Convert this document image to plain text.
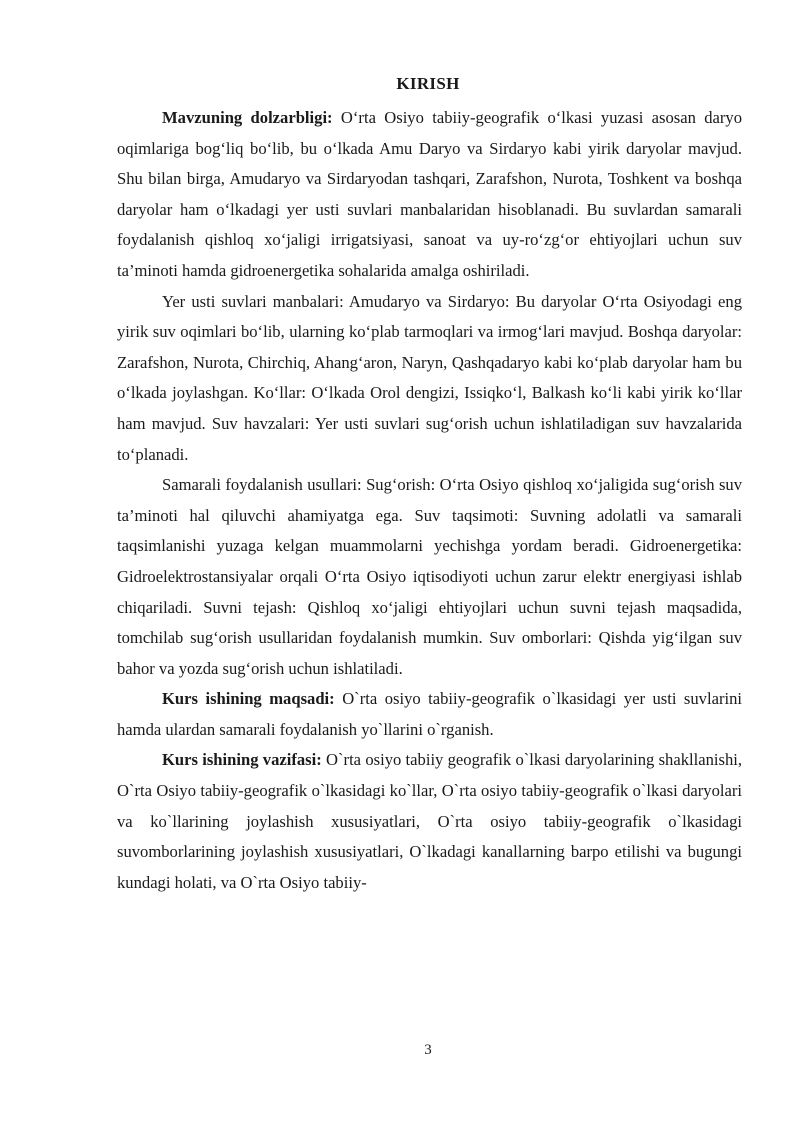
KIRISH

Mavzuning dolzarbligi: O‘rta Osiyo tabiiy-geografik o‘lkasi yuzasi asosan daryo oqimlariga bog‘liq bo‘lib, bu o‘lkada Amu Daryo va Sirdaryo kabi yirik daryolar mavjud. Shu bilan birga, Amudaryo va Sirdaryodan tashqari, Zarafshon, Nurota, Toshkent va boshqa daryolar ham o‘lkadagi yer usti suvlari manbalaridan hisoblanadi. Bu suvlardan samarali foydalanish qishloq xo‘jaligi irrigatsiyasi, sanoat va uy-ro‘zg‘or ehtiyojlari uchun suv ta’minoti hamda gidroenergetika sohalarida amalga oshiriladi.

Yer usti suvlari manbalari: Amudaryo va Sirdaryo: Bu daryolar O‘rta Osiyodagi eng yirik suv oqimlari bo‘lib, ularning ko‘plab tarmoqlari va irmog‘lari mavjud. Boshqa daryolar: Zarafshon, Nurota, Chirchiq, Ahang‘aron, Naryn, Qashqadaryo kabi ko‘plab daryolar ham bu o‘lkada joylashgan. Ko‘llar: O‘lkada Orol dengizi, Issiqko‘l, Balkash ko‘li kabi yirik ko‘llar ham mavjud. Suv havzalari: Yer usti suvlari sug‘orish uchun ishlatiladigan suv havzalarida to‘planadi.

Samarali foydalanish usullari: Sug‘orish: O‘rta Osiyo qishloq xo‘jaligida sug‘orish suv ta’minoti hal qiluvchi ahamiyatga ega. Suv taqsimoti: Suvning adolatli va samarali taqsimlanishi yuzaga kelgan muammolarni yechishga yordam beradi. Gidroenergetika: Gidroelektrostansiyalar orqali O‘rta Osiyo iqtisodiyoti uchun zarur elektr energiyasi ishlab chiqariladi. Suvni tejash: Qishloq xo‘jaligi ehtiyojlari uchun suvni tejash maqsadida, tomchilab sug‘orish usullaridan foydalanish mumkin. Suv omborlari: Qishda yig‘ilgan suv bahor va yozda sug‘orish uchun ishlatiladi.

Kurs ishining maqsadi: O`rta osiyo tabiiy-geografik o`lkasidagi yer usti suvlarini hamda ulardan samarali foydalanish yo`llarini o`rganish.

Kurs ishining vazifasi: O`rta osiyo tabiiy geografik o`lkasi daryolarining shakllanishi, O`rta Osiyo tabiiy-geografik o`lkasidagi ko`llar, O`rta osiyo tabiiy-geografik o`lkasi daryolari va ko`llarining joylashish xususiyatlari, O`rta osiyo tabiiy-geografik o`lkasidagi suvomborlarining joylashish xususiyatlari, O`lkadagi kanallarning barpo etilishi va bugungi kundagi holati, va O`rta Osiyo tabiiy-

3
